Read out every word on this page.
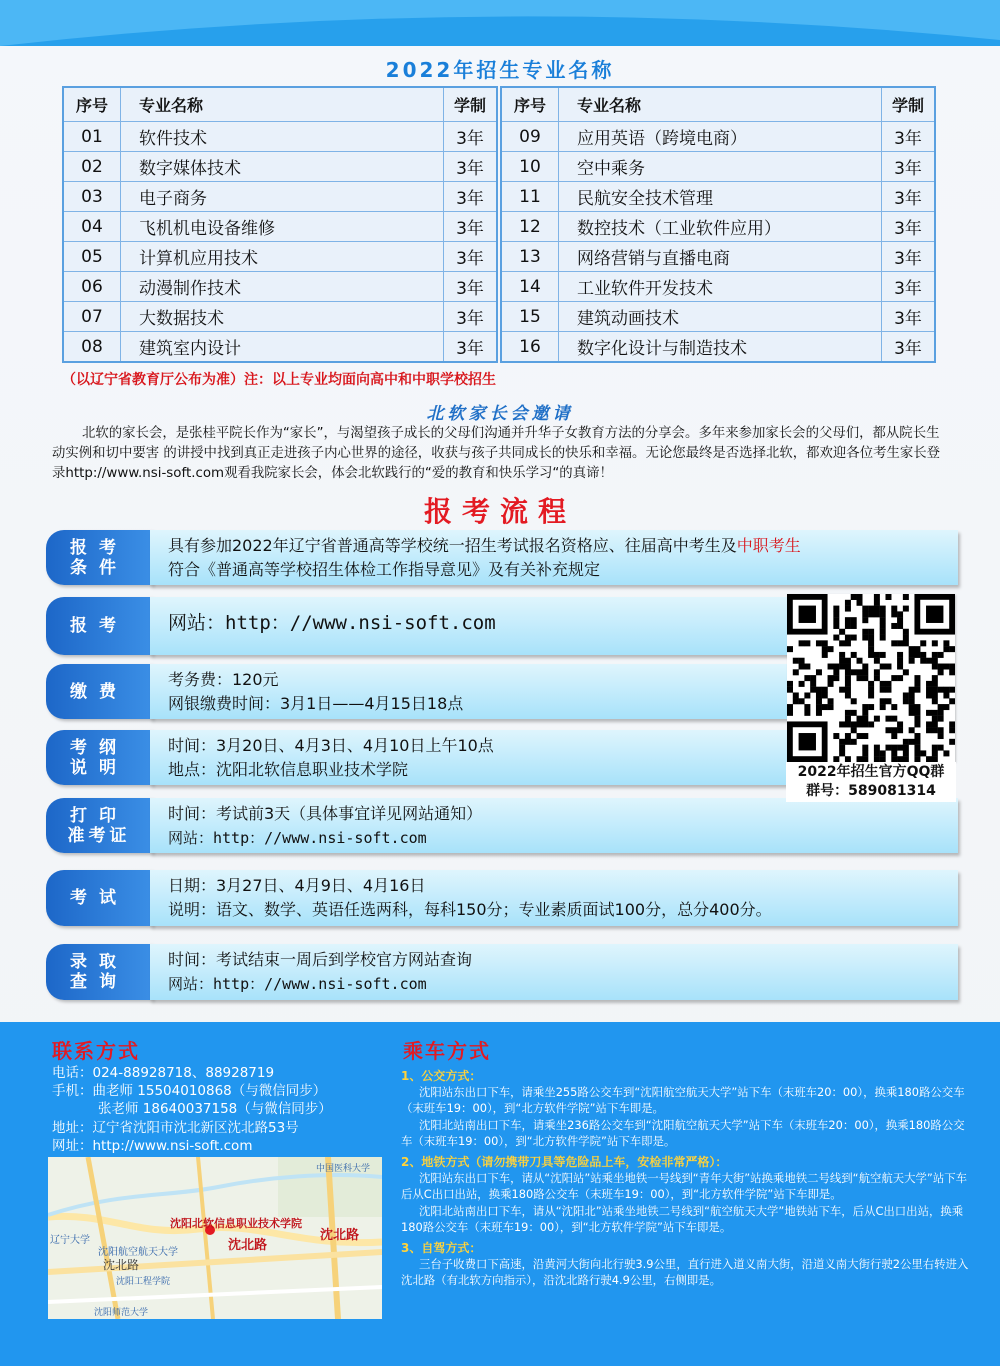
2022年招生专业名称
序号	专业名称	学制
01	软件技术	3年
02	数字媒体技术	3年
03	电子商务	3年
04	飞机机电设备维修	3年
05	计算机应用技术	3年
06	动漫制作技术	3年
07	大数据技术	3年
08	建筑室内设计	3年
序号	专业名称	学制
09	应用英语（跨境电商）	3年
10	空中乘务	3年
11	民航安全技术管理	3年
12	数控技术（工业软件应用）	3年
13	网络营销与直播电商	3年
14	工业软件开发技术	3年
15	建筑动画技术	3年
16	数字化设计与制造技术	3年
（以辽宁省教育厅公布为准）注：以上专业均面向高中和中职学校招生
北软家长会邀请
北软的家长会，是张桂平院长作为“家长”，与渴望孩子成长的父母们沟通并升华子女教育方法的分享会。多年来参加家长会的父母们，都从院长生动实例和切中要害 的讲授中找到真正走进孩子内心世界的途径，收获与孩子共同成长的快乐和幸福。无论您最终是否选择北软，都欢迎各位考生家长登录http://www.nsi-soft.com观看我院家长会，体会北软践行的“爱的教育和快乐学习“的真谛！
报考流程
报考
条件
具有参加2022年辽宁省普通高等学校统一招生考试报名资格应、往届高中考生及中职考生
符合《普通高等学校招生体检工作指导意见》及有关补充规定
报考 网站：http：//www.nsi-soft.com
缴费
考务费：120元
网银缴费时间：3月1日——4月15日18点
考纲
说明
时间：3月20日、4月3日、4月10日上午10点
地点：沈阳北软信息职业技术学院
打印
准考证
时间：考试前3天（具体事宜详见网站通知）
网站：http：//www.nsi-soft.com
考试
日期：3月27日、4月9日、4月16日
说明：语文、数学、英语任选两科，每科150分；专业素质面试100分，总分400分。
录取
查询
时间：考试结束一周后到学校官方网站查询
网站：http：//www.nsi-soft.com
2022年招生官方QQ群
群号：589081314
联系方式
电话：024-88928718、88928719
手机：曲老师 15504010868（与微信同步）
张老师 18640037158（与微信同步）
地址：辽宁省沈阳市沈北新区沈北路53号
网址：http://www.nsi-soft.com
沈阳北软信息职业技术学院
沈北路
沈北路
沈北路
中国医科大学
辽宁大学
沈阳航空航天大学
沈阳工程学院
沈阳师范大学
乘车方式
1、公交方式：
沈阳站东出口下车，请乘坐255路公交车到“沈阳航空航天大学”站下车（末班车20：00），换乘180路公交车（末班车19：00），到“北方软件学院”站下车即是。
沈阳北站南出口下车，请乘坐236路公交车到“沈阳航空航天大学”站下车（末班车20：00），换乘180路公交车（末班车19：00），到“北方软件学院”站下车即是。
2、地铁方式（请勿携带刀具等危险品上车，安检非常严格）：
沈阳站东出口下车，请从“沈阳站”站乘坐地铁一号线到“青年大街”站换乘地铁二号线到“航空航天大学”站下车后从C出口出站，换乘180路公交车（末班车19：00），到“北方软件学院”站下车即是。
沈阳北站南出口下车，请从“沈阳北”站乘坐地铁二号线到“航空航天大学”地铁站下车，后从C出口出站，换乘180路公交车（末班车19：00），到“北方软件学院”站下车即是。
3、自驾方式：
三台子收费口下高速，沿黄河大街向北行驶3.9公里，直行进入道义南大街，沿道义南大街行驶2公里右转进入沈北路（有北软方向指示），沿沈北路行驶4.9公里，右侧即是。
